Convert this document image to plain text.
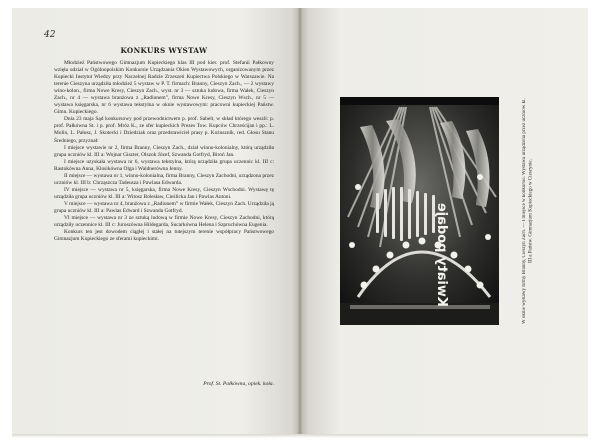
42
KONKURS WYSTAW

Młodzież Państwowego Gimnazjum Kupieckiego klas III pod kier. prof. Stefanii Pałkowny wzięła udział w Ogólnopolskim Konkursie Urządzania Okien Wystawowych, organizowanym przez Kupiecki Instytut Wiedzy przy Naczelnej Radzie Zrzeszeń Kupiectwa Polskiego w Warszawie. Na terenie Cieszyna urządziła młodzież 5 wystaw w P. T. firmach: Branny, Cieszyn Zach., — 2 wystawy wino-kolon., firma Nowe Kresy, Cieszyn Zach., wyst. nr 3 — sztuka ludowa, firma Wałek, Cieszyn Zach., nr 4 — wystawa branżowa z „Radionem”, firma Nowe Kresy, Cieszyn Wsch., nr 5 — wystawa księgarska, nr 6 wystawa tekstylna w oknie wystawowym: pracowni kupieckiej Państw. Gimn. Kupieckiego.

Dnia 23 maja Sąd konkursowy pod przewodnictwem p. prof. Sabelt, w skład którego weszli: p. prof. Pałkówna St. i p. prof. Mróz K., ze sfer kupieckich Prezes Tow. Kupców Chrześcijan i pp.: L. Molin, L. Pałosz, J. Skotecki i Dziedziak oraz przedstawiciel prasy p. Kożuszník, red. Głosu Stanu Średniego, przyznał:

I miejsce wystawie nr 2, firma Branny, Cieszyn Zach., dział winno-kolonialny, którą urządziła grupa uczniów kl. III a: Wojnar Giszter, Olszok Józef, Szwanda Gotfryd, Biroń Jan.

I miejsce uzyskała wystawa nr 6, wystawa tekstylna, którą urządziła grupa uczennic kl. III c: Rastokówna Anna, Klosikówna Olga i Waldnerówna Jenny.

II miejsce — wystawa nr 1, winno-kolonialna, firma Branny, Cieszyn Zachodni, urządzona przez uczniów kl. III b: Chrząszcza Tadeusza i Pawlasa Edwarda.

IV miejsce — wystawa nr 5, księgarska, firma Nowe Kresy, Cieszyn Wschodni. Wystawę tę urządziła grupa uczniów kl. III a: Witosz Bolesław, Cieślicka Jan i Pawlas Antoni.

V miejsce — wystawa nr 4, branżowa z „Radionem” w firmie Wałek, Cieszyn Zach. Urządziła ją grupa uczniów kl. III a: Pawlas Edward i Szwanda Gotfryd.

VI miejsce — wystawa nr 3 ze sztuką ludową w firmie Nowe Kresy, Cieszyn Zachodni, którą urządziły uczennice kl. III c: Juroszówna Hildegarda, Sucarkówna Helena i Szpruchówna Eugenia.

Konkurs ten jest dowodem ciągłej i stałej na tutejszym terenie współpracy Państwowego Gimnazjum Kupieckiego ze sferami kupieckimi.

Prof. St. Pałkówna, opiek. koła.
Kwiaty podaje	W oknie wystawy firmy Branny, Cieszyn Zach. — I miejsce w konkursie. Wystawa urządzona przez uczniów kl. III a Państw. Gimnazjum Kupieckiego w Cieszynie.
